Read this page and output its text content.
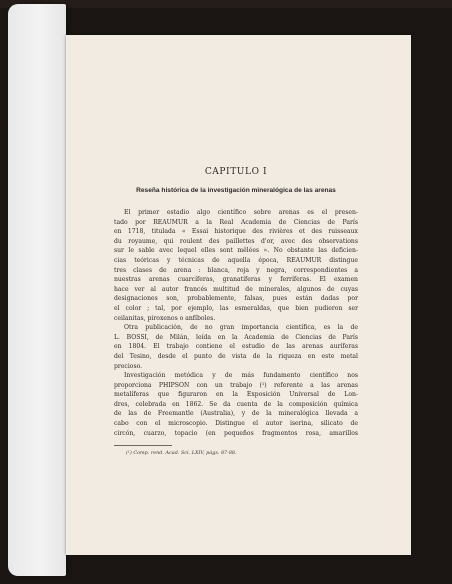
CAPITULO I
Reseña histórica de la investigación mineralógica de las arenas
El primer estadio algo científico sobre arenas es el presen-
tado por REAUMUR a la Real Academia de Ciencias de París
en 1718, titulada « Essai historique des rivières et des ruisseaux
du royaume, qui roulent des paillettes d'or, avec des observations
sur le sable avec lequel elles sont mêlées ». No obstante las deficien-
cias teóricas y técnicas de aquella época, REAUMUR distingue
tres clases de arena : blanca, roja y negra, correspondientes a
nuestras arenas cuarcíferas, granatíferas y ferríferas. El examen
hace ver al autor francés multitud de minerales, algunos de cuyas
designaciones son, probablemente, falsas, pues están dadas por
el color ; tal, por ejemplo, las esmeraldas, que bien pudieron ser
ceilanitas, piroxenos o anfíboles.
Otra publicación, de no gran importancia científica, es la de
L. BOSSI, de Milán, leída en la Academia de Ciencias de París
en 1804. El trabajo contiene el estudio de las arenas auríferas
del Tesino, desde el punto de vista de la riqueza en este metal
precioso.
Investigación metódica y de más fundamento científico nos
proporciona PHIPSON con un trabajo (¹) referente a las arenas
metalíferas que figuraron en la Exposición Universal de Lon-
dres, celebrada en 1862. Se da cuenta de la composición química
de las de Freemantle (Australia), y de la mineralógica llevada a
cabo con el microscopio. Distingue el autor iserina, silicato de
circón, cuarzo, topacio (en pequeños fragmentos rosa, amarillos
(¹) Comp. rend. Acad. Sci. LXIV, págs. 87-88.
